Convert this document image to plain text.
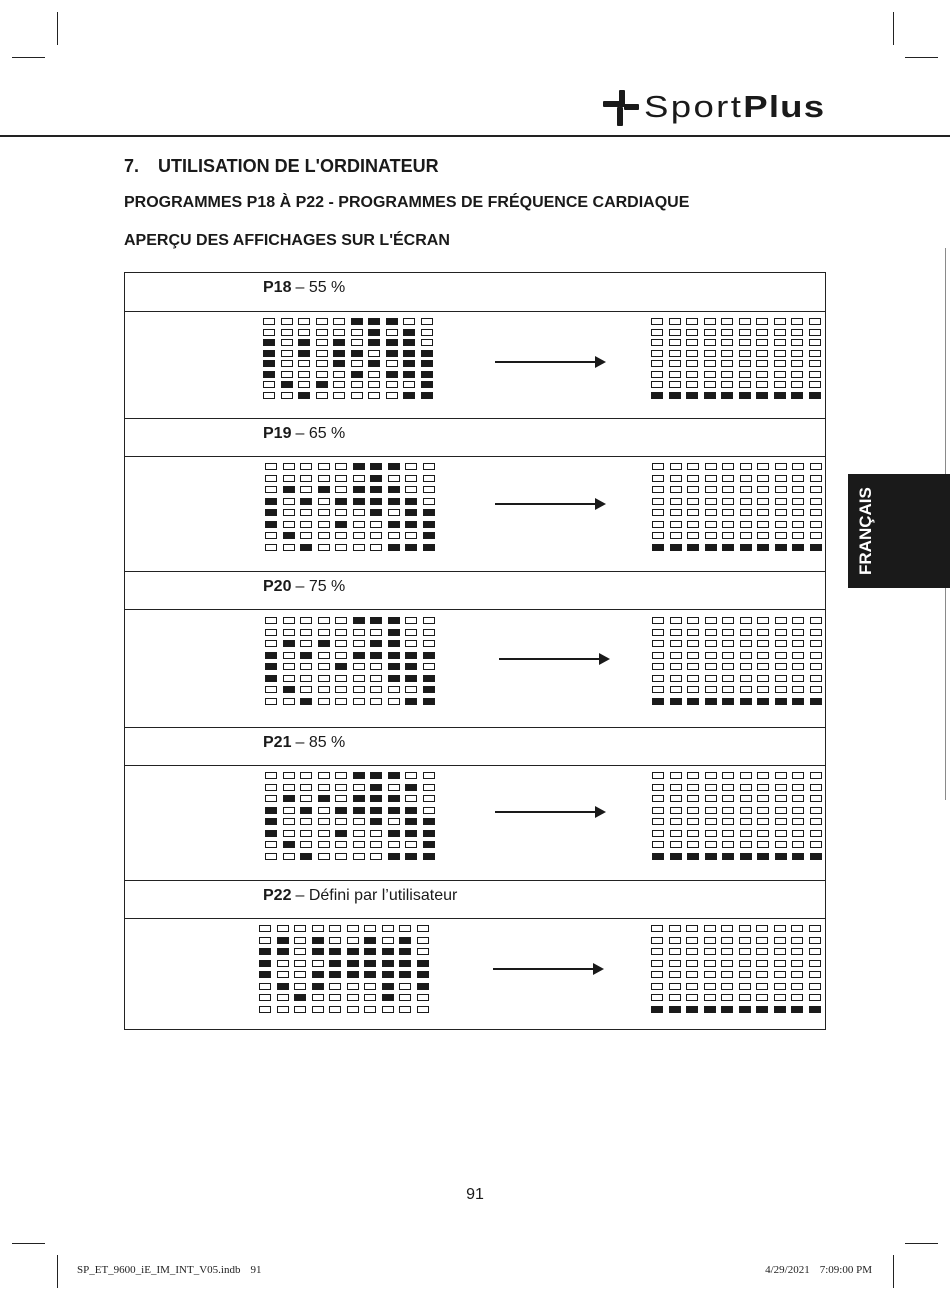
SportPlus
7. UTILISATION DE L'ORDINATEUR
PROGRAMMES P18 À P22 - PROGRAMMES DE FRÉQUENCE CARDIAQUE
APERÇU DES AFFICHAGES SUR L'ÉCRAN
P18 – 55 %
P19 – 65 %
P20 – 75 %
P21 – 85 %
P22 – Défini par l’utilisateur
FRANÇAIS
91
SP_ET_9600_iE_IM_INT_V05.indb 91	4/29/2021 7:09:00 PM
